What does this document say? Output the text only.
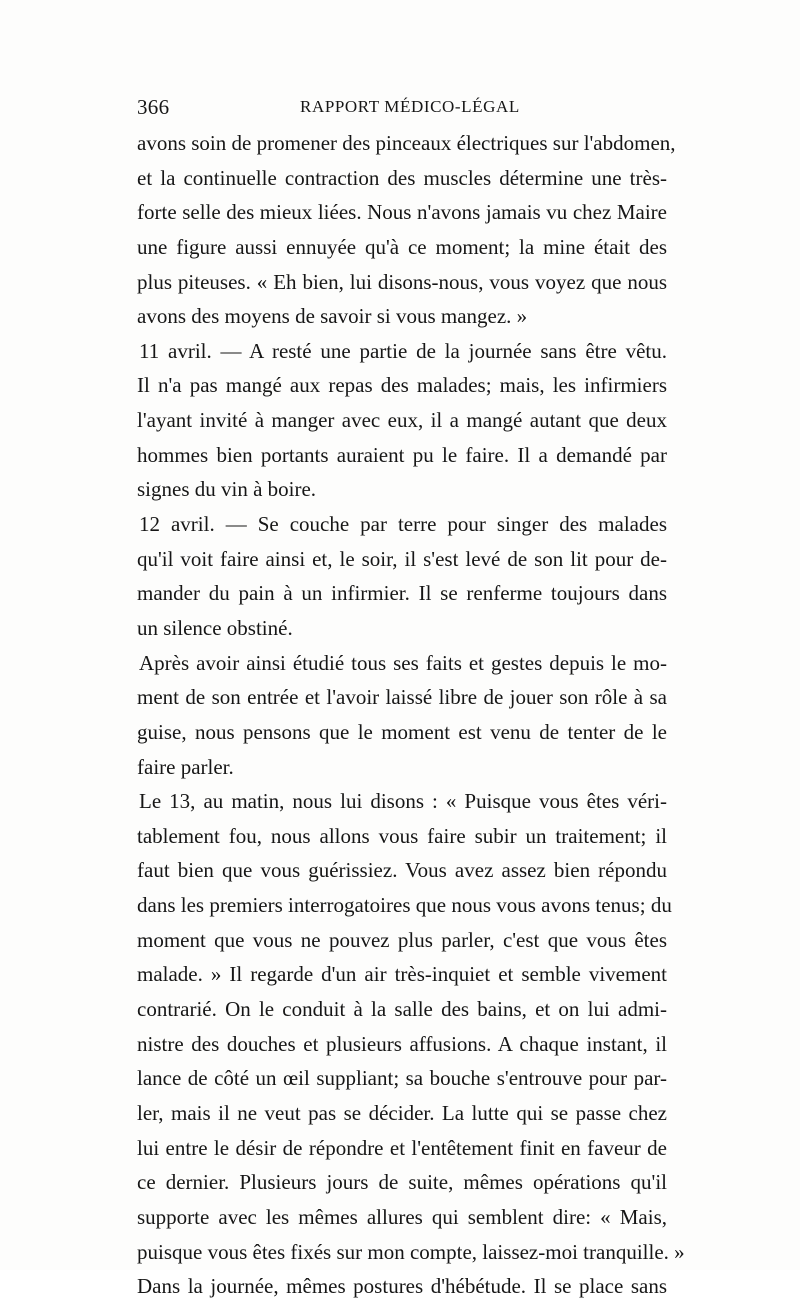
366	RAPPORT MÉDICO-LÉGAL
avons soin de promener des pinceaux électriques sur l'abdomen,
et la continuelle contraction des muscles détermine une très-
forte selle des mieux liées. Nous n'avons jamais vu chez Maire
une figure aussi ennuyée qu'à ce moment; la mine était des
plus piteuses. « Eh bien, lui disons-nous, vous voyez que nous
avons des moyens de savoir si vous mangez. »
11 avril. — A resté une partie de la journée sans être vêtu.
Il n'a pas mangé aux repas des malades; mais, les infirmiers
l'ayant invité à manger avec eux, il a mangé autant que deux
hommes bien portants auraient pu le faire. Il a demandé par
signes du vin à boire.
12 avril. — Se couche par terre pour singer des malades
qu'il voit faire ainsi et, le soir, il s'est levé de son lit pour de-
mander du pain à un infirmier. Il se renferme toujours dans
un silence obstiné.
Après avoir ainsi étudié tous ses faits et gestes depuis le mo-
ment de son entrée et l'avoir laissé libre de jouer son rôle à sa
guise, nous pensons que le moment est venu de tenter de le
faire parler.
Le 13, au matin, nous lui disons : « Puisque vous êtes véri-
tablement fou, nous allons vous faire subir un traitement; il
faut bien que vous guérissiez. Vous avez assez bien répondu
dans les premiers interrogatoires que nous vous avons tenus; du
moment que vous ne pouvez plus parler, c'est que vous êtes
malade. » Il regarde d'un air très-inquiet et semble vivement
contrarié. On le conduit à la salle des bains, et on lui admi-
nistre des douches et plusieurs affusions. A chaque instant, il
lance de côté un œil suppliant; sa bouche s'entrouve pour par-
ler, mais il ne veut pas se décider. La lutte qui se passe chez
lui entre le désir de répondre et l'entêtement finit en faveur de
ce dernier. Plusieurs jours de suite, mêmes opérations qu'il
supporte avec les mêmes allures qui semblent dire: « Mais,
puisque vous êtes fixés sur mon compte, laissez-moi tranquille. »
Dans la journée, mêmes postures d'hébétude. Il se place sans
